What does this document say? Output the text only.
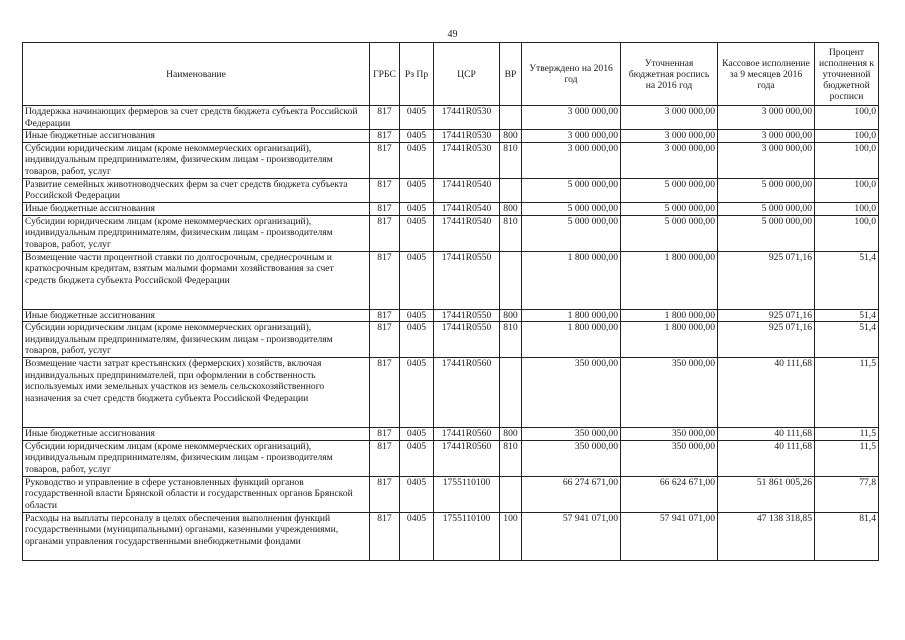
49
Наименование	ГРБС	Рз Пр	ЦСР	ВР	Утверждено на 2016 год	Уточненная бюджетная роспись на 2016 год	Кассовое исполнение за 9 месяцев 2016 года	Процент исполнения к уточненной бюджетной росписи
Поддержка начинающих фермеров за счет средств бюджета субъекта Российской Федерации	817	0405	17441R0530		3 000 000,00	3 000 000,00	3 000 000,00	100,0
Иные бюджетные ассигнования	817	0405	17441R0530	800	3 000 000,00	3 000 000,00	3 000 000,00	100,0
Субсидии юридическим лицам (кроме некоммерческих организаций), индивидуальным предпринимателям, физическим лицам - производителям товаров, работ, услуг	817	0405	17441R0530	810	3 000 000,00	3 000 000,00	3 000 000,00	100,0
Развитие семейных животноводческих ферм за счет средств бюджета субъекта Российской Федерации	817	0405	17441R0540		5 000 000,00	5 000 000,00	5 000 000,00	100,0
Иные бюджетные ассигнования	817	0405	17441R0540	800	5 000 000,00	5 000 000,00	5 000 000,00	100,0
Субсидии юридическим лицам (кроме некоммерческих организаций), индивидуальным предпринимателям, физическим лицам - производителям товаров, работ, услуг	817	0405	17441R0540	810	5 000 000,00	5 000 000,00	5 000 000,00	100,0
Возмещение части процентной ставки по долгосрочным, среднесрочным и краткосрочным кредитам, взятым малыми формами хозяйствования за счет средств бюджета субъекта Российской Федерации	817	0405	17441R0550		1 800 000,00	1 800 000,00	925 071,16	51,4
Иные бюджетные ассигнования	817	0405	17441R0550	800	1 800 000,00	1 800 000,00	925 071,16	51,4
Субсидии юридическим лицам (кроме некоммерческих организаций), индивидуальным предпринимателям, физическим лицам - производителям товаров, работ, услуг	817	0405	17441R0550	810	1 800 000,00	1 800 000,00	925 071,16	51,4
Возмещение части затрат крестьянских (фермерских) хозяйств, включая индивидуальных предпринимателей, при оформлении в собственность используемых ими земельных участков из земель сельскохозяйственного назначения за счет средств бюджета субъекта Российской Федерации	817	0405	17441R0560		350 000,00	350 000,00	40 111,68	11,5
Иные бюджетные ассигнования	817	0405	17441R0560	800	350 000,00	350 000,00	40 111,68	11,5
Субсидии юридическим лицам (кроме некоммерческих организаций), индивидуальным предпринимателям, физическим лицам - производителям товаров, работ, услуг	817	0405	17441R0560	810	350 000,00	350 000,00	40 111,68	11,5
Руководство и управление в сфере установленных функций органов государственной власти Брянской области и государственных органов Брянской области	817	0405	1755110100		66 274 671,00	66 624 671,00	51 861 005,26	77,8
Расходы на выплаты персоналу в целях обеспечения выполнения функций государственными (муниципальными) органами, казенными учреждениями, органами управления государственными внебюджетными фондами	817	0405	1755110100	100	57 941 071,00	57 941 071,00	47 138 318,85	81,4
